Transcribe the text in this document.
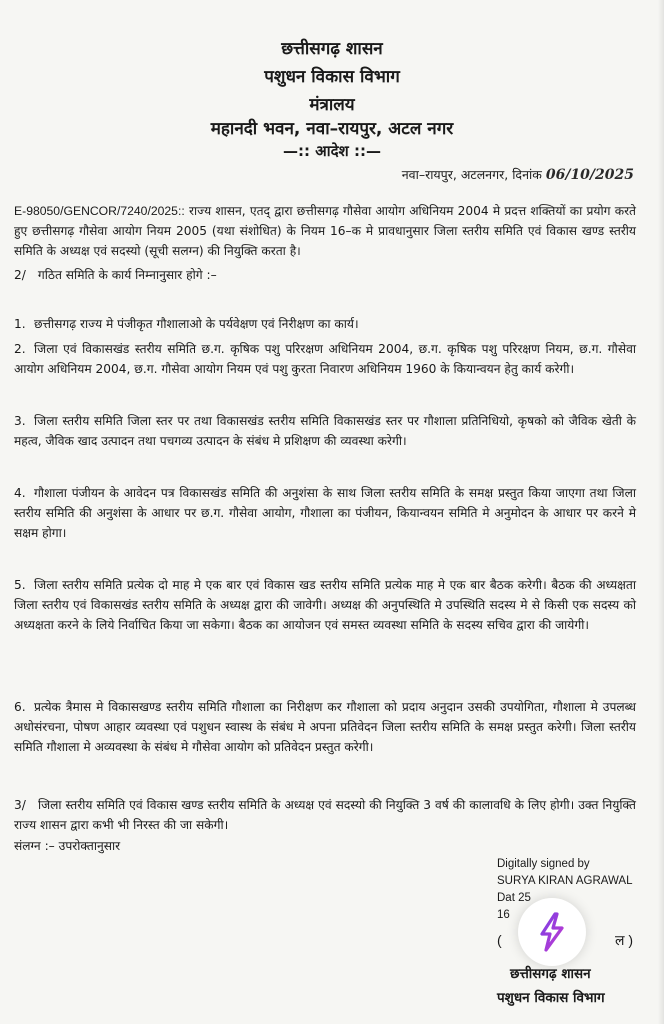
छत्तीसगढ़ शासन
पशुधन विकास विभाग
मंत्रालय
महानदी भवन, नवा–रायपुर, अटल नगर
—:: आदेश ::—
नवा–रायपुर, अटलनगर, दिनांक 06/10/2025
E-98050/GENCOR/7240/2025:: राज्य शासन, एतद् द्वारा छत्तीसगढ़ गौसेवा आयोग अधिनियम 2004 मे प्रदत्त शक्तियों का प्रयोग करते हुए छत्तीसगढ़ गौसेवा आयोग नियम 2005 (यथा संशोधित) के नियम 16–क मे प्रावधानुसार जिला स्तरीय समिति एवं विकास खण्ड स्तरीय समिति के अध्यक्ष एवं सदस्यो (सूची सलग्न) की नियुक्ति करता है।
2/ गठित समिति के कार्य निम्नानुसार होगे :–
1. छत्तीसगढ़ राज्य मे पंजीकृत गौशालाओ के पर्यवेक्षण एवं निरीक्षण का कार्य।
2. जिला एवं विकासखंड स्तरीय समिति छ.ग. कृषिक पशु परिरक्षण अधिनियम 2004, छ.ग. कृषिक पशु परिरक्षण नियम, छ.ग. गौसेवा आयोग अधिनियम 2004, छ.ग. गौसेवा आयोग नियम एवं पशु कुरता निवारण अधिनियम 1960 के कियान्वयन हेतु कार्य करेगी।
3. जिला स्तरीय समिति जिला स्तर पर तथा विकासखंड स्तरीय समिति विकासखंड स्तर पर गौशाला प्रतिनिधियो, कृषको को जैविक खेती के महत्व, जैविक खाद उत्पादन तथा पचगव्य उत्पादन के संबंध मे प्रशिक्षण की व्यवस्था करेगी।
4. गौशाला पंजीयन के आवेदन पत्र विकासखंड समिति की अनुशंसा के साथ जिला स्तरीय समिति के समक्ष प्रस्तुत किया जाएगा तथा जिला स्तरीय समिति की अनुशंसा के आधार पर छ.ग. गौसेवा आयोग, गौशाला का पंजीयन, कियान्वयन समिति मे अनुमोदन के आधार पर करने मे सक्षम होगा।
5. जिला स्तरीय समिति प्रत्येक दो माह मे एक बार एवं विकास खड स्तरीय समिति प्रत्येक माह मे एक बार बैठक करेगी। बैठक की अध्यक्षता जिला स्तरीय एवं विकासखंड स्तरीय समिति के अध्यक्ष द्वारा की जावेगी। अध्यक्ष की अनुपस्थिति मे उपस्थिति सदस्य मे से किसी एक सदस्य को अध्यक्षता करने के लिये निर्वाचित किया जा सकेगा। बैठक का आयोजन एवं समस्त व्यवस्था समिति के सदस्य सचिव द्वारा की जायेगी।
6. प्रत्येक त्रैमास मे विकासखण्ड स्तरीय समिति गौशाला का निरीक्षण कर गौशाला को प्रदाय अनुदान उसकी उपयोगिता, गौशाला मे उपलब्ध अधोसंरचना, पोषण आहार व्यवस्था एवं पशुधन स्वास्थ के संबंध मे अपना प्रतिवेदन जिला स्तरीय समिति के समक्ष प्रस्तुत करेगी। जिला स्तरीय समिति गौशाला मे अव्यवस्था के संबंध मे गौसेवा आयोग को प्रतिवेदन प्रस्तुत करेगी।
3/ जिला स्तरीय समिति एवं विकास खण्ड स्तरीय समिति के अध्यक्ष एवं सदस्यो की नियुक्ति 3 वर्ष की कालावधि के लिए होगी। उक्त नियुक्ति राज्य शासन द्वारा कभी भी निरस्त की जा सकेगी।
संलग्न :– उपरोक्तानुसार
Digitally signed by
SURYA KIRAN AGRAWAL
Dat 25
16
(	ल )
छत्तीसगढ़ शासन
पशुधन विकास विभाग
